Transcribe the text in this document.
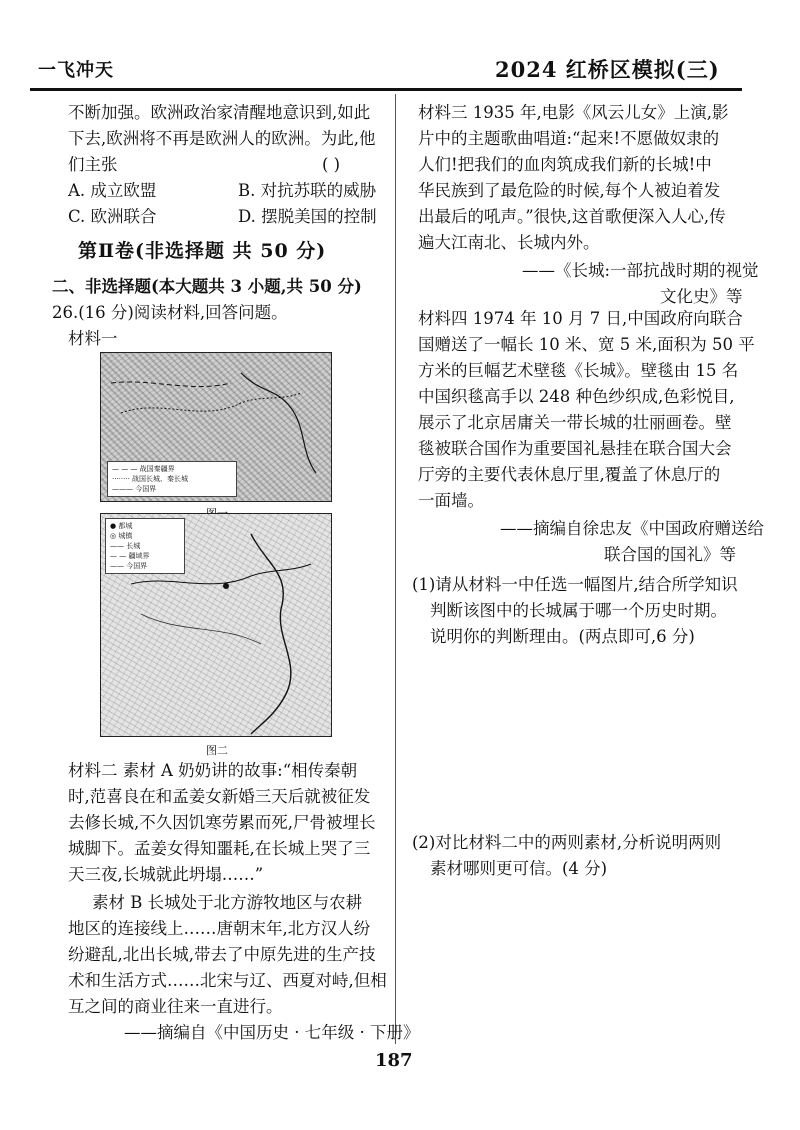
一飞冲天	2024 红桥区模拟(三)
不断加强。欧洲政治家清醒地意识到,如此
下去,欧洲将不再是欧洲人的欧洲。为此,他
们主张	( )
A. 成立欧盟	B. 对抗苏联的威胁
C. 欧洲联合	D. 摆脱美国的控制
第Ⅱ卷(非选择题 共 50 分)
二、非选择题(本大题共 3 小题,共 50 分)
26.(16 分)阅读材料,回答问题。
材料一
— — — 战国秦疆界
········ 战国长城、秦长城
——— 今国界
● 都城
◎ 城镇
—— 长城
— — 疆域界
—— 今国界
图二
材料二 素材 A 奶奶讲的故事:“相传秦朝
时,范喜良在和孟姜女新婚三天后就被征发
去修长城,不久因饥寒劳累而死,尸骨被埋长
城脚下。孟姜女得知噩耗,在长城上哭了三
天三夜,长城就此坍塌……”
素材 B 长城处于北方游牧地区与农耕
地区的连接线上……唐朝末年,北方汉人纷
纷避乱,北出长城,带去了中原先进的生产技
术和生活方式……北宋与辽、西夏对峙,但相
互之间的商业往来一直进行。
——摘编自《中国历史 · 七年级 · 下册》
材料三 1935 年,电影《风云儿女》上演,影
片中的主题歌曲唱道:“起来!不愿做奴隶的
人们!把我们的血肉筑成我们新的长城!中
华民族到了最危险的时候,每个人被迫着发
出最后的吼声。”很快,这首歌便深入人心,传
遍大江南北、长城内外。
——《长城:一部抗战时期的视觉
文化史》等
材料四 1974 年 10 月 7 日,中国政府向联合
国赠送了一幅长 10 米、宽 5 米,面积为 50 平
方米的巨幅艺术壁毯《长城》。壁毯由 15 名
中国织毯高手以 248 种色纱织成,色彩悦目,
展示了北京居庸关一带长城的壮丽画卷。壁
毯被联合国作为重要国礼悬挂在联合国大会
厅旁的主要代表休息厅里,覆盖了休息厅的
一面墙。
——摘编自徐忠友《中国政府赠送给
联合国的国礼》等
(1)请从材料一中任选一幅图片,结合所学知识
判断该图中的长城属于哪一个历史时期。
说明你的判断理由。(两点即可,6 分)
(2)对比材料二中的两则素材,分析说明两则
素材哪则更可信。(4 分)
187
